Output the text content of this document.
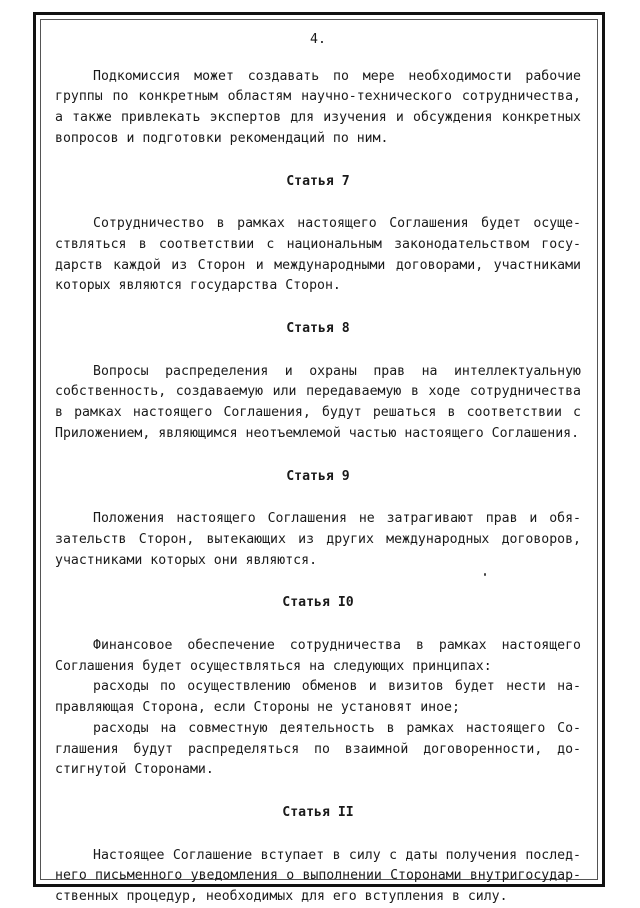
4.
Подкомиссия может создавать по мере необходимости рабочие
группы по конкретным областям научно-технического сотрудничества,
а также привлекать экспертов для изучения и обсуждения конкретных
вопросов и подготовки рекомендаций по ним.
Статья 7
Сотрудничество в рамках настоящего Соглашения будет осуще-
ствляться в соответствии с национальным законодательством госу-
дарств каждой из Сторон и международными договорами, участниками
которых являются государства Сторон.
Статья 8
Вопросы распределения и охраны прав на интеллектуальную
собственность, создаваемую или передаваемую в ходе сотрудничества
в рамках настоящего Соглашения, будут решаться в соответствии с
Приложением, являющимся неотъемлемой частью настоящего Соглашения.
Статья 9
Положения настоящего Соглашения не затрагивают прав и обя-
зательств Сторон, вытекающих из других международных договоров,
участниками которых они являются.
Статья I0
Финансовое обеспечение сотрудничества в рамках настоящего
Соглашения будет осуществляться на следующих принципах:
расходы по осуществлению обменов и визитов будет нести на-
правляющая Сторона, если Стороны не установят иное;
расходы на совместную деятельность в рамках настоящего Со-
глашения будут распределяться по взаимной договоренности, до-
стигнутой Сторонами.
Статья II
Настоящее Соглашение вступает в силу с даты получения послед-
него письменного уведомления о выполнении Сторонами внутригосудар-
ственных процедур, необходимых для его вступления в силу.
